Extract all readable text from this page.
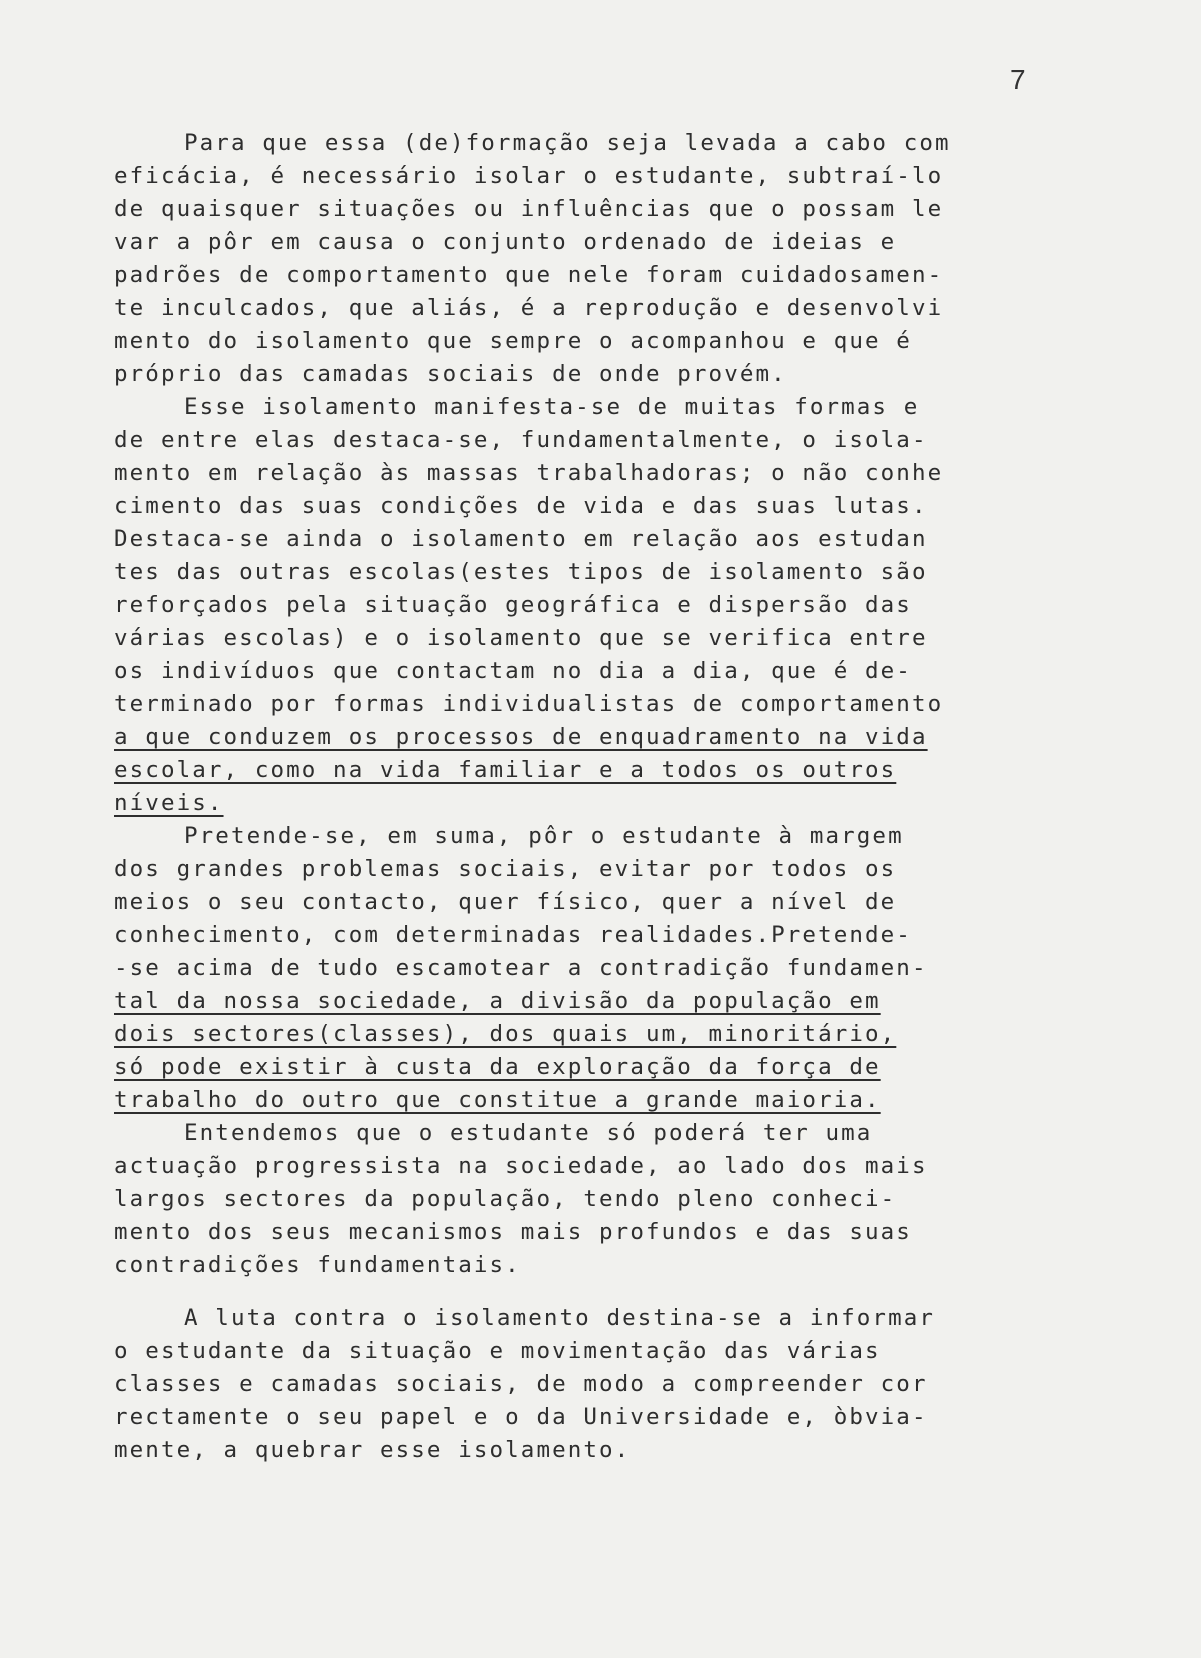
7
Para que essa (de)formação seja levada a cabo com
eficácia, é necessário isolar o estudante, subtraí-lo
de quaisquer situações ou influências que o possam le
var a pôr em causa o conjunto ordenado de ideias e
padrões de comportamento que nele foram cuidadosamen-
te inculcados, que aliás, é a reprodução e desenvolvi
mento do isolamento que sempre o acompanhou e que é
próprio das camadas sociais de onde provém.
Esse isolamento manifesta-se de muitas formas e
de entre elas destaca-se, fundamentalmente, o isola-
mento em relação às massas trabalhadoras; o não conhe
cimento das suas condições de vida e das suas lutas.
Destaca-se ainda o isolamento em relação aos estudan
tes das outras escolas(estes tipos de isolamento são
reforçados pela situação geográfica e dispersão das
várias escolas) e o isolamento que se verifica entre
os indivíduos que contactam no dia a dia, que é de-
terminado por formas individualistas de comportamento
a que conduzem os processos de enquadramento na vida
escolar, como na vida familiar e a todos os outros
níveis.
Pretende-se, em suma, pôr o estudante à margem
dos grandes problemas sociais, evitar por todos os
meios o seu contacto, quer físico, quer a nível de
conhecimento, com determinadas realidades.Pretende-
-se acima de tudo escamotear a contradição fundamen-
tal da nossa sociedade, a divisão da população em
dois sectores(classes), dos quais um, minoritário,
só pode existir à custa da exploração da força de
trabalho do outro que constitue a grande maioria.
Entendemos que o estudante só poderá ter uma
actuação progressista na sociedade, ao lado dos mais
largos sectores da população, tendo pleno conheci-
mento dos seus mecanismos mais profundos e das suas
contradições fundamentais.
A luta contra o isolamento destina-se a informar
o estudante da situação e movimentação das várias
classes e camadas sociais, de modo a compreender cor
rectamente o seu papel e o da Universidade e, òbvia-
mente, a quebrar esse isolamento.
